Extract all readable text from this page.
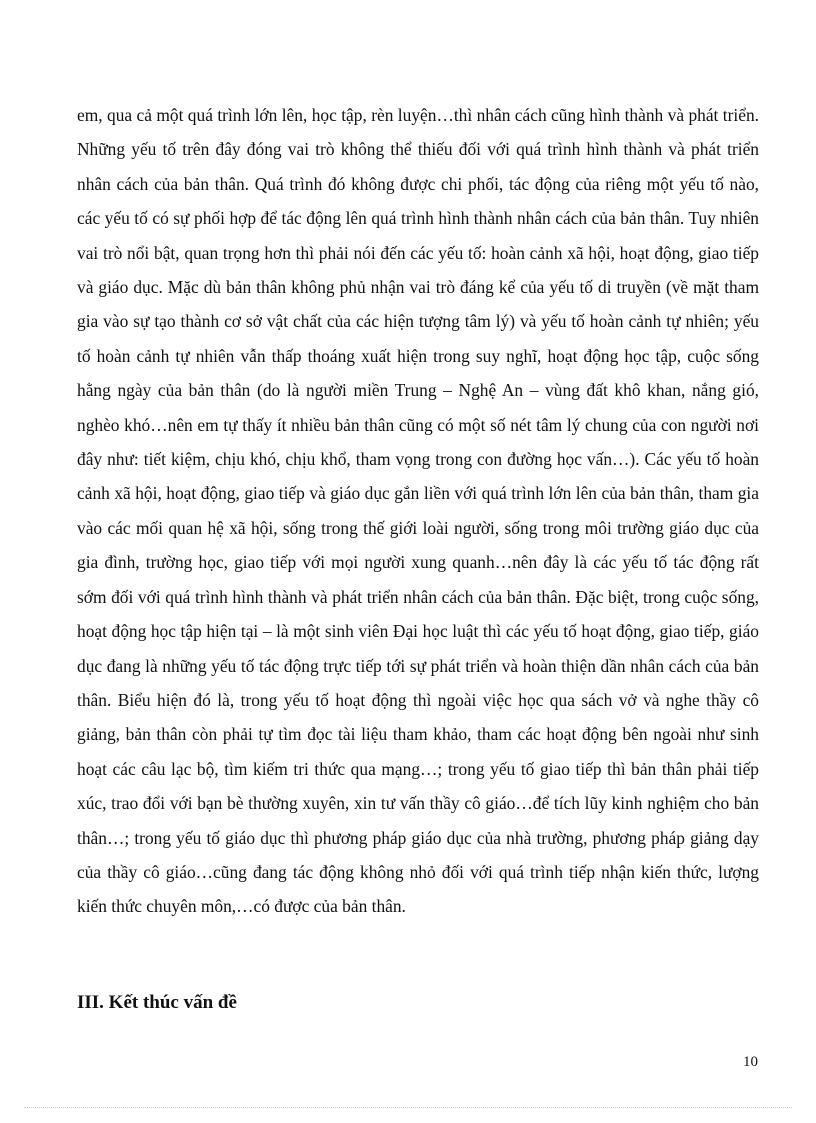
em, qua cả một quá trình lớn lên, học tập, rèn luyện…thì nhân cách cũng hình thành và phát triển. Những yếu tố trên đây đóng vai trò không thể thiếu đối với quá trình hình thành và phát triển nhân cách của bản thân. Quá trình đó không được chi phối, tác động của riêng một yếu tố nào, các yếu tố có sự phối hợp để tác động lên quá trình hình thành nhân cách của bản thân. Tuy nhiên vai trò nổi bật, quan trọng hơn thì phải nói đến các yếu tố: hoàn cảnh xã hội, hoạt động, giao tiếp và giáo dục. Mặc dù bản thân không phủ nhận vai trò đáng kể của yếu tố di truyền (về mặt tham gia vào sự tạo thành cơ sở vật chất của các hiện tượng tâm lý) và yếu tố hoàn cảnh tự nhiên; yếu tố hoàn cảnh tự nhiên vẫn thấp thoáng xuất hiện trong suy nghĩ, hoạt động học tập, cuộc sống hằng ngày của bản thân (do là người miền Trung – Nghệ An – vùng đất khô khan, nắng gió, nghèo khó…nên em tự thấy ít nhiều bản thân cũng có một số nét tâm lý chung của con người nơi đây như: tiết kiệm, chịu khó, chịu khổ, tham vọng trong con đường học vấn…). Các yếu tố hoàn cảnh xã hội, hoạt động, giao tiếp và giáo dục gắn liền với quá trình lớn lên của bản thân, tham gia vào các mối quan hệ xã hội, sống trong thế giới loài người, sống trong môi trường giáo dục của gia đình, trường học, giao tiếp với mọi người xung quanh…nên đây là các yếu tố tác động rất sớm đối với quá trình hình thành và phát triển nhân cách của bản thân. Đặc biệt, trong cuộc sống, hoạt động học tập hiện tại – là một sinh viên Đại học luật thì các yếu tố hoạt động, giao tiếp, giáo dục đang là những yếu tố tác động trực tiếp tới sự phát triển và hoàn thiện dần nhân cách của bản thân. Biểu hiện đó là, trong yếu tố hoạt động thì ngoài việc học qua sách vở và nghe thầy cô giảng, bản thân còn phải tự tìm đọc tài liệu tham khảo, tham các hoạt động bên ngoài như sinh hoạt các câu lạc bộ, tìm kiếm tri thức qua mạng…; trong yếu tố giao tiếp thì bản thân phải tiếp xúc, trao đổi với bạn bè thường xuyên, xin tư vấn thầy cô giáo…để tích lũy kinh nghiệm cho bản thân…; trong yếu tố giáo dục thì phương pháp giáo dục của nhà trường, phương pháp giảng dạy của thầy cô giáo…cũng đang tác động không nhỏ đối với quá trình tiếp nhận kiến thức, lượng kiến thức chuyên môn,…có được của bản thân.

III. Kết thúc vấn đề
10
